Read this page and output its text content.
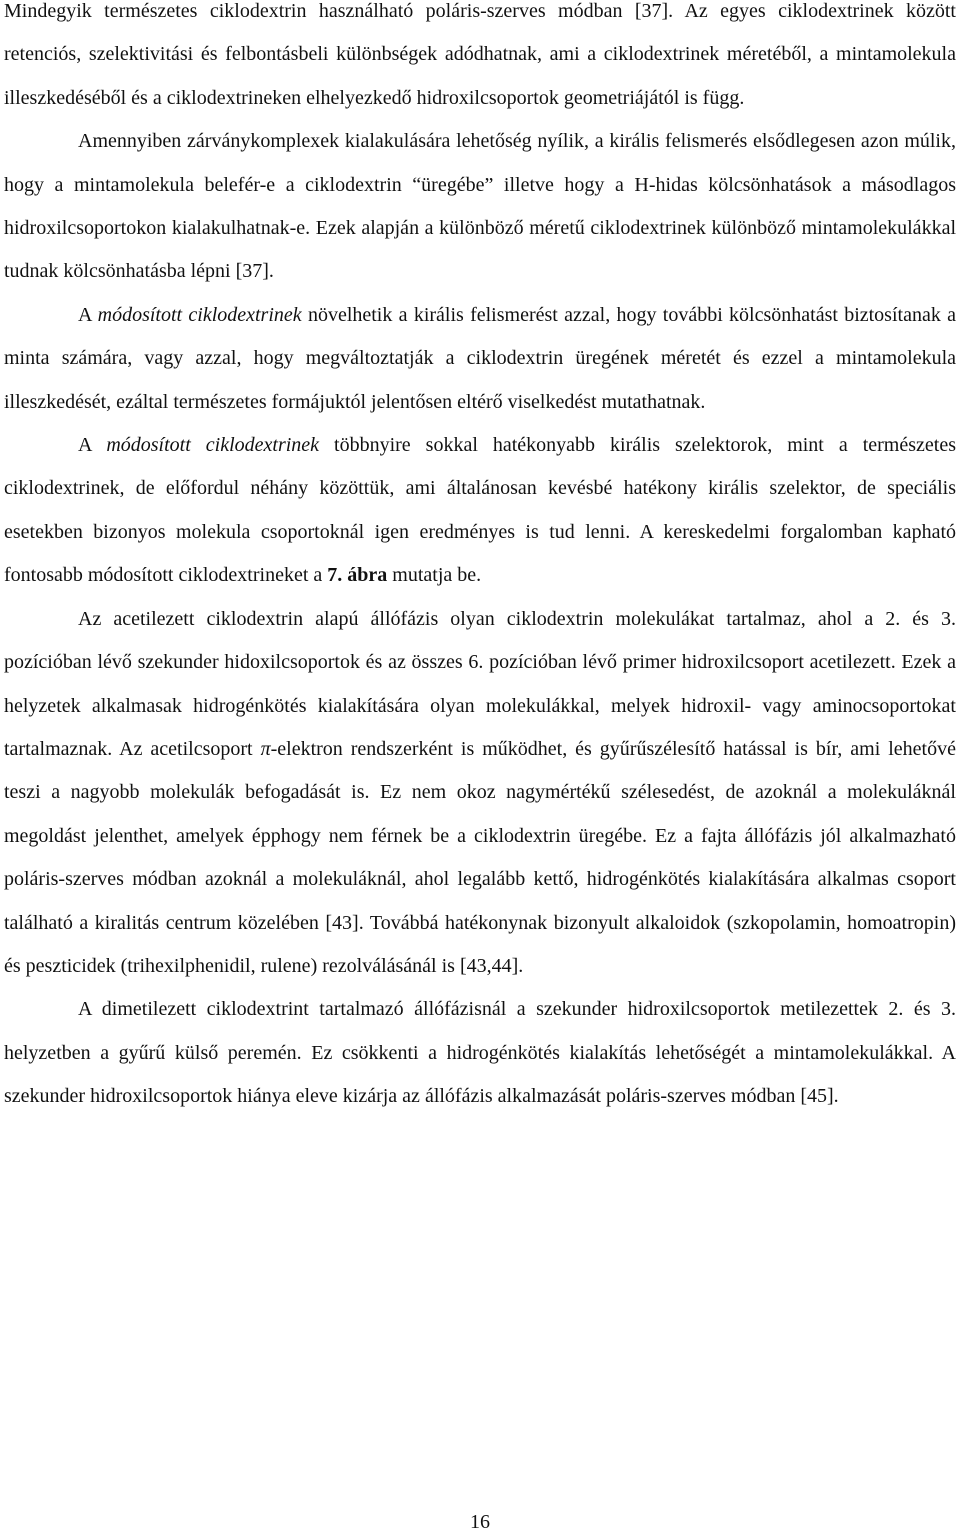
Mindegyik természetes ciklodextrin használható poláris-szerves módban [37]. Az egyes ciklodextrinek között retenciós, szelektivitási és felbontásbeli különbségek adódhatnak, ami a ciklodextrinek méretéből, a mintamolekula illeszkedéséből és a ciklodextrineken elhelyezkedő hidroxilcsoportok geometriájától is függ.

Amennyiben zárványkomplexek kialakulására lehetőség nyílik, a királis felismerés elsődlegesen azon múlik, hogy a mintamolekula belefér-e a ciklodextrin “üregébe” illetve hogy a H-hidas kölcsönhatások a másodlagos hidroxilcsoportokon kialakulhatnak-e. Ezek alapján a különböző méretű ciklodextrinek különböző mintamolekulákkal tudnak kölcsönhatásba lépni [37].

A módosított ciklodextrinek növelhetik a királis felismerést azzal, hogy további kölcsönhatást biztosítanak a minta számára, vagy azzal, hogy megváltoztatják a ciklodextrin üregének méretét és ezzel a mintamolekula illeszkedését, ezáltal természetes formájuktól jelentősen eltérő viselkedést mutathatnak.

A módosított ciklodextrinek többnyire sokkal hatékonyabb királis szelektorok, mint a természetes ciklodextrinek, de előfordul néhány közöttük, ami általánosan kevésbé hatékony királis szelektor, de speciális esetekben bizonyos molekula csoportoknál igen eredményes is tud lenni. A kereskedelmi forgalomban kapható fontosabb módosított ciklodextrineket a 7. ábra mutatja be.

Az acetilezett ciklodextrin alapú állófázis olyan ciklodextrin molekulákat tartalmaz, ahol a 2. és 3. pozícióban lévő szekunder hidoxilcsoportok és az összes 6. pozícióban lévő primer hidroxilcsoport acetilezett. Ezek a helyzetek alkalmasak hidrogénkötés kialakítására olyan molekulákkal, melyek hidroxil- vagy aminocsoportokat tartalmaznak. Az acetilcsoport π-elektron rendszerként is működhet, és gyűrűszélesítő hatással is bír, ami lehetővé teszi a nagyobb molekulák befogadását is. Ez nem okoz nagymértékű szélesedést, de azoknál a molekuláknál megoldást jelenthet, amelyek épphogy nem férnek be a ciklodextrin üregébe. Ez a fajta állófázis jól alkalmazható poláris-szerves módban azoknál a molekuláknál, ahol legalább kettő, hidrogénkötés kialakítására alkalmas csoport található a kiralitás centrum közelében [43]. Továbbá hatékonynak bizonyult alkaloidok (szkopolamin, homoatropin) és peszticidek (trihexilphenidil, rulene) rezolválásánál is [43,44].

A dimetilezett ciklodextrint tartalmazó állófázisnál a szekunder hidroxilcsoportok metilezettek 2. és 3. helyzetben a gyűrű külső peremén. Ez csökkenti a hidrogénkötés kialakítás lehetőségét a mintamolekulákkal. A szekunder hidroxilcsoportok hiánya eleve kizárja az állófázis alkalmazását poláris-szerves módban [45].

16
